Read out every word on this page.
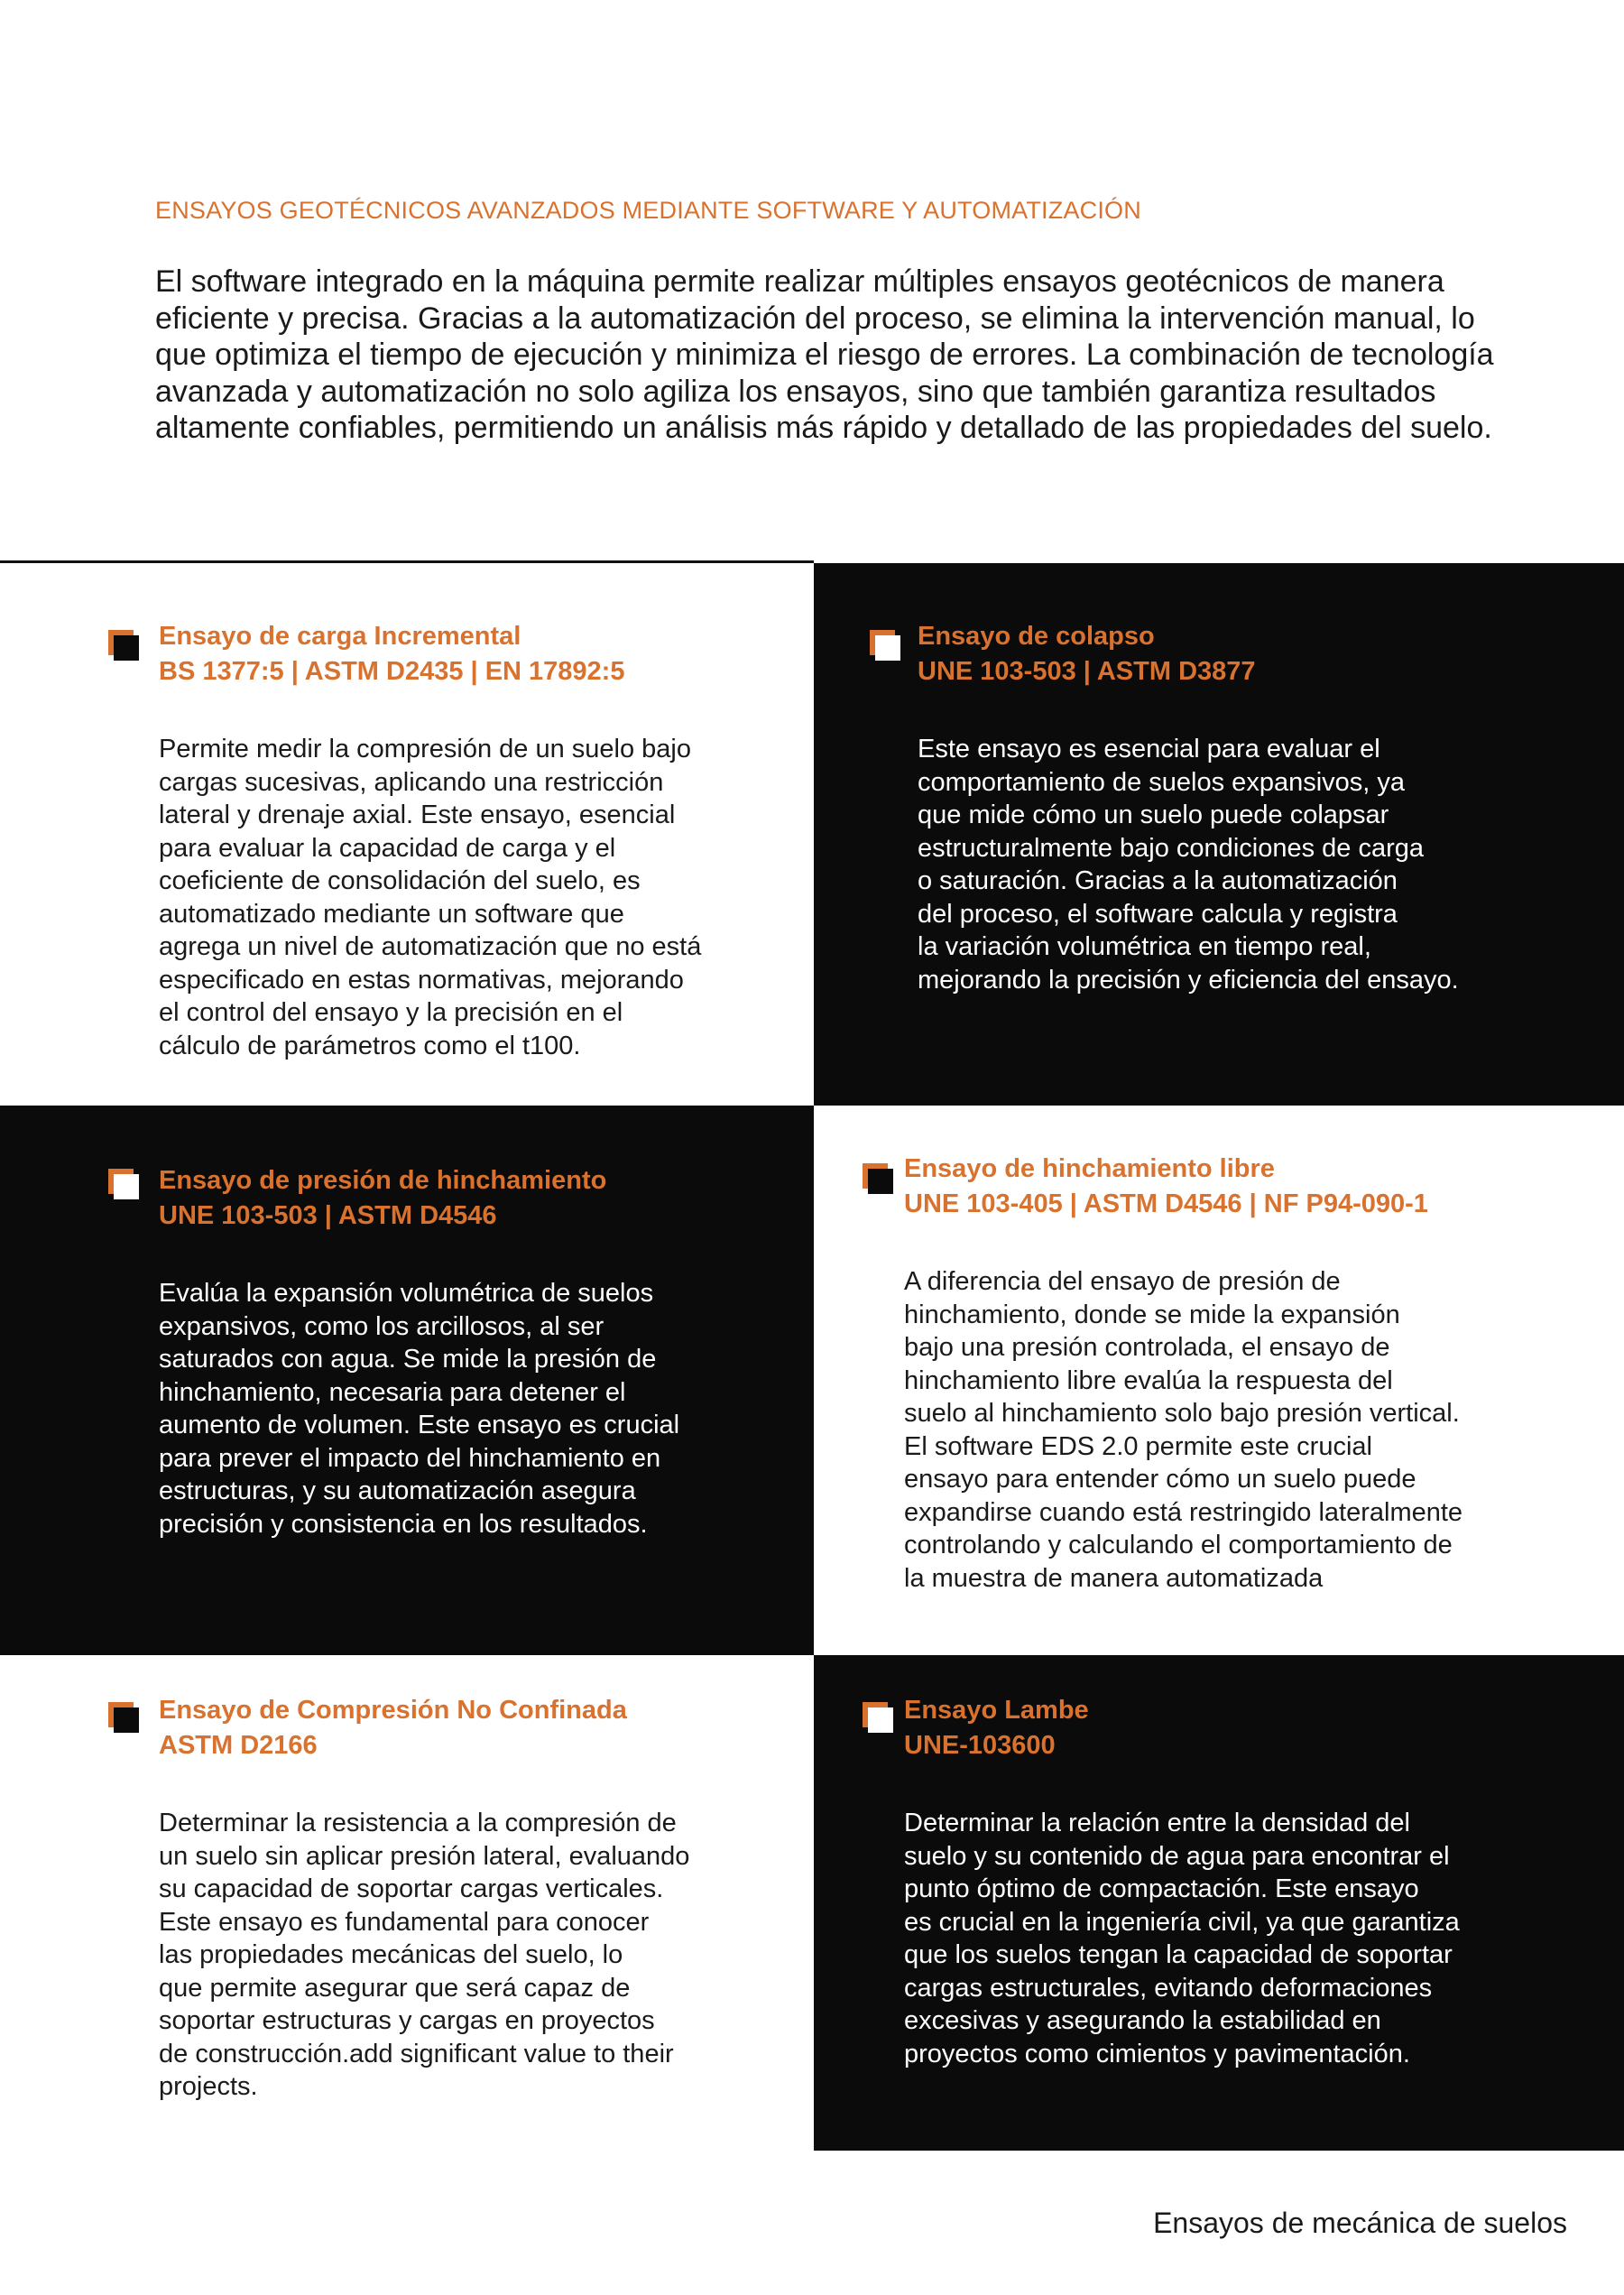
ENSAYOS GEOTÉCNICOS AVANZADOS MEDIANTE SOFTWARE Y AUTOMATIZACIÓN
El software integrado en la máquina permite realizar múltiples ensayos geotécnicos de manera eficiente y precisa. Gracias a la automatización del proceso, se elimina la intervención manual, lo que optimiza el tiempo de ejecución y minimiza el riesgo de errores. La combinación de tecnología avanzada y automatización no solo agiliza los ensayos, sino que también garantiza resultados altamente confiables, permitiendo un análisis más rápido y detallado de las propiedades del suelo.
Ensayo de carga Incremental
BS 1377:5 | ASTM D2435 | EN 17892:5
Permite medir la compresión de un suelo bajo
cargas sucesivas, aplicando una restricción
lateral y drenaje axial. Este ensayo, esencial
para evaluar la capacidad de carga y el
coeficiente de consolidación del suelo, es
automatizado mediante un software que
agrega un nivel de automatización que no está
especificado en estas normativas, mejorando
el control del ensayo y la precisión en el
cálculo de parámetros como el t100.
Ensayo de colapso
UNE 103-503 | ASTM D3877
Este ensayo es esencial para evaluar el
comportamiento de suelos expansivos, ya
que mide cómo un suelo puede colapsar
estructuralmente bajo condiciones de carga
o saturación. Gracias a la automatización
del proceso, el software calcula y registra
la variación volumétrica en tiempo real,
mejorando la precisión y eficiencia del ensayo.
Ensayo de presión de hinchamiento
UNE 103-503 | ASTM D4546
Evalúa la expansión volumétrica de suelos
expansivos, como los arcillosos, al ser
saturados con agua. Se mide la presión de
hinchamiento, necesaria para detener el
aumento de volumen. Este ensayo es crucial
para prever el impacto del hinchamiento en
estructuras, y su automatización asegura
precisión y consistencia en los resultados.
Ensayo de hinchamiento libre
UNE 103-405 | ASTM D4546 | NF P94-090-1
A diferencia del ensayo de presión de
hinchamiento, donde se mide la expansión
bajo una presión controlada, el ensayo de
hinchamiento libre evalúa la respuesta del
suelo al hinchamiento solo bajo presión vertical.
El software EDS 2.0 permite este crucial
ensayo para entender cómo un suelo puede
expandirse cuando está restringido lateralmente
controlando y calculando el comportamiento de
la muestra de manera automatizada
Ensayo de Compresión No Confinada
ASTM D2166
Determinar la resistencia a la compresión de
un suelo sin aplicar presión lateral, evaluando
su capacidad de soportar cargas verticales.
Este ensayo es fundamental para conocer
las propiedades mecánicas del suelo, lo
que permite asegurar que será capaz de
soportar estructuras y cargas en proyectos
de construcción.add significant value to their
projects.
Ensayo Lambe
UNE-103600
Determinar la relación entre la densidad del
suelo y su contenido de agua para encontrar el
punto óptimo de compactación. Este ensayo
es crucial en la ingeniería civil, ya que garantiza
que los suelos tengan la capacidad de soportar
cargas estructurales, evitando deformaciones
excesivas y asegurando la estabilidad en
proyectos como cimientos y pavimentación.
Ensayos de mecánica de suelos
